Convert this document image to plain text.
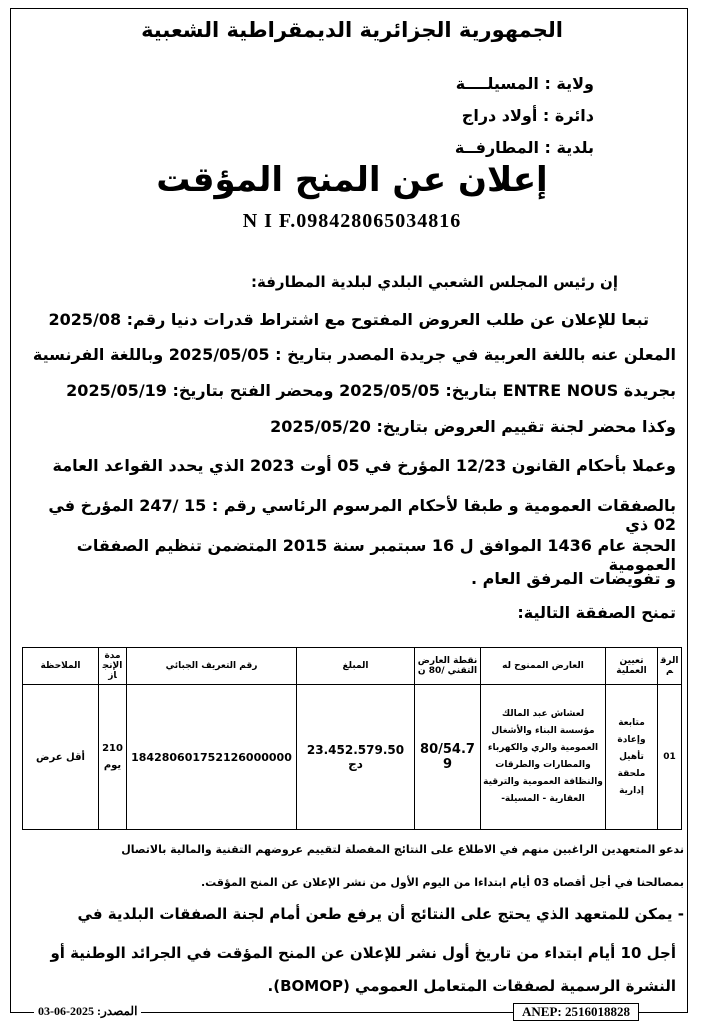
الجمهورية الجزائرية الديمقراطية الشعبية
ولاية : المسيلــــة
دائرة : أولاد دراج
بلدية : المطارفــة
إعلان عن المنح المؤقت
N I F.098428065034816
إن رئيس المجلس الشعبي البلدي لبلدية المطارفة:
تبعا للإعلان عن طلب العروض المفتوح مع اشتراط قدرات دنيا رقم: 2025/08
المعلن عنه باللغة العربية في جريدة المصدر بتاريخ : 2025/05/05 وباللغة الفرنسية
بجريدة ENTRE NOUS بتاريخ: 2025/05/05 ومحضر الفتح بتاريخ: 2025/05/19
وكذا محضر لجنة تقييم العروض بتاريخ: 2025/05/20
وعملا بأحكام القانون 12/23 المؤرخ في 05 أوت 2023 الذي يحدد القواعد العامة
بالصفقات العمومية و طبقا لأحكام المرسوم الرئاسي رقم : 15 /247 المؤرخ في 02 ذي
الحجة عام 1436 الموافق ل 16 سبتمبر سنة 2015 المتضمن تنظيم الصفقات العمومية
و تفويضات المرفق العام .
تمنح الصفقة التالية:
الرقم	تعيين العملية	العارض الممنوح له	نقطة العارض التقني /80 ن	المبلغ	رقم التعريف الجبائي	مدة الإنجاز	الملاحظة
01	متابعة وإعادة تأهيل ملحقة إدارية	لعشاش عبد المالك مؤسسة البناء والأشغال العمومية والري والكهرباء والمطارات والطرقات والنظافة العمومية والترقية العقارية - المسيلة-	80/54.79	23.452.579.50 دج	184280601752126000000	210 يوم	أقل عرض
ندعو المتعهدين الراغبين منهم في الاطلاع على النتائج المفصلة لتقييم عروضهم التقنية والمالية بالاتصال
بمصالحنا في أجل أقصاه 03 أيام ابتداءا من اليوم الأول من نشر الإعلان عن المنح المؤقت.
- يمكن للمتعهد الذي يحتج على النتائج أن يرفع طعن أمام لجنة الصفقات البلدية في
أجل 10 أيام ابتداء من تاريخ أول نشر للإعلان عن المنح المؤقت في الجرائد الوطنية أو
النشرة الرسمية لصفقات المتعامل العمومي (BOMOP).
ANEP: 2516018828
المصدر: 2025-06-03
